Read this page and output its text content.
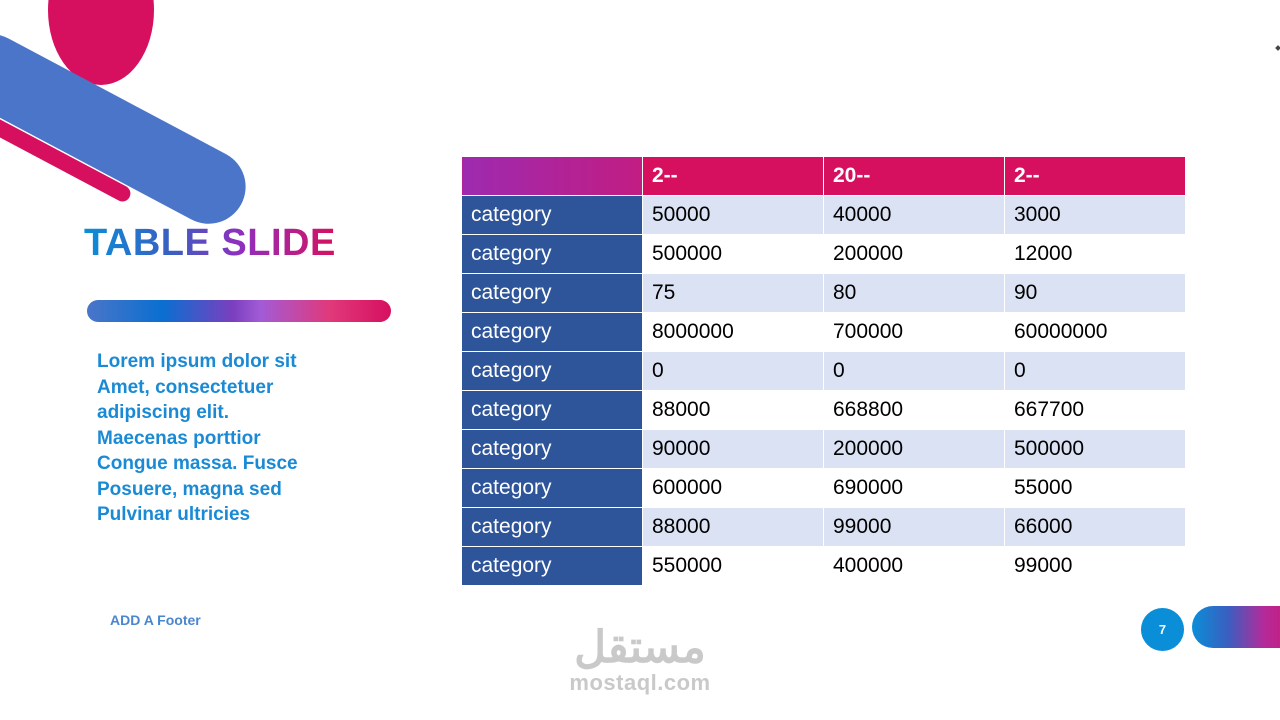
TABLE SLIDE

Lorem ipsum dolor sit
Amet, consectetuer
adipiscing elit.
Maecenas porttior
Congue massa. Fusce
Posuere, magna sed
Pulvinar ultricies

ADD A Footer
	2--	20--	2--
category	50000	40000	3000
category	500000	200000	12000
category	75	80	90
category	8000000	700000	60000000
category	0	0	0
category	88000	668800	667700
category	90000	200000	500000
category	600000	690000	55000
category	88000	99000	66000
category	550000	400000	99000
7
مستقل
mostaql.com
